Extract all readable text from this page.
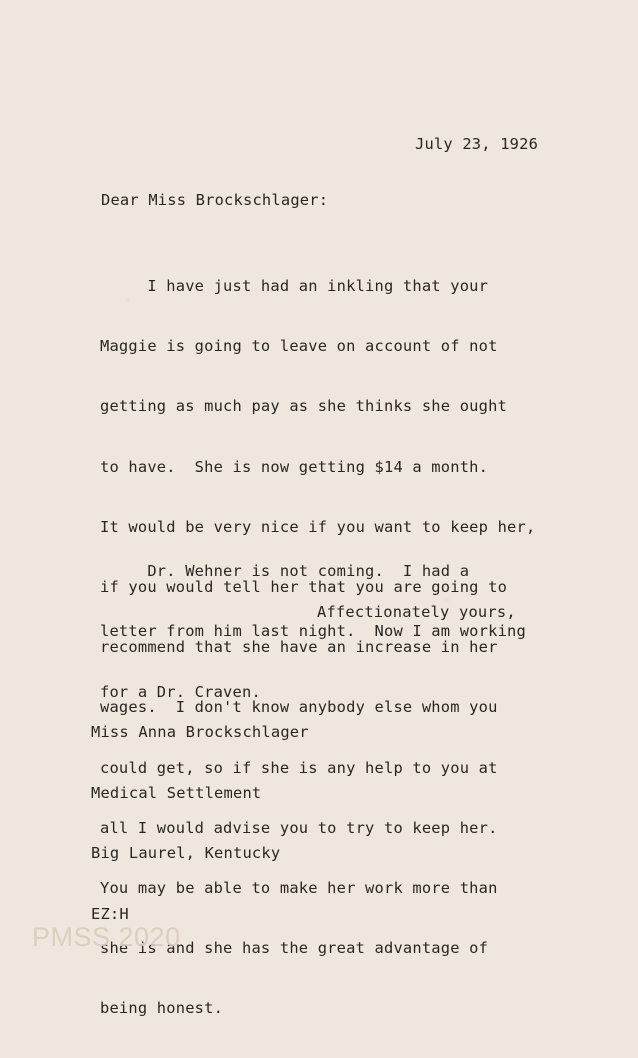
July 23, 1926
Dear Miss Brockschlager:

I have just had an inkling that your

Maggie is going to leave on account of not

getting as much pay as she thinks she ought

to have.  She is now getting $14 a month.

It would be very nice if you want to keep her,

if you would tell her that you are going to

recommend that she have an increase in her

wages.  I don't know anybody else whom you

could get, so if she is any help to you at

all I would advise you to try to keep her.

You may be able to make her work more than

she is and she has the great advantage of

being honest.

Dr. Wehner is not coming.  I had a

letter from him last night.  Now I am working

for a Dr. Craven.

Affectionately yours,

Miss Anna Brockschlager

Medical Settlement

Big Laurel, Kentucky

EZ:H

PMSS 2020
